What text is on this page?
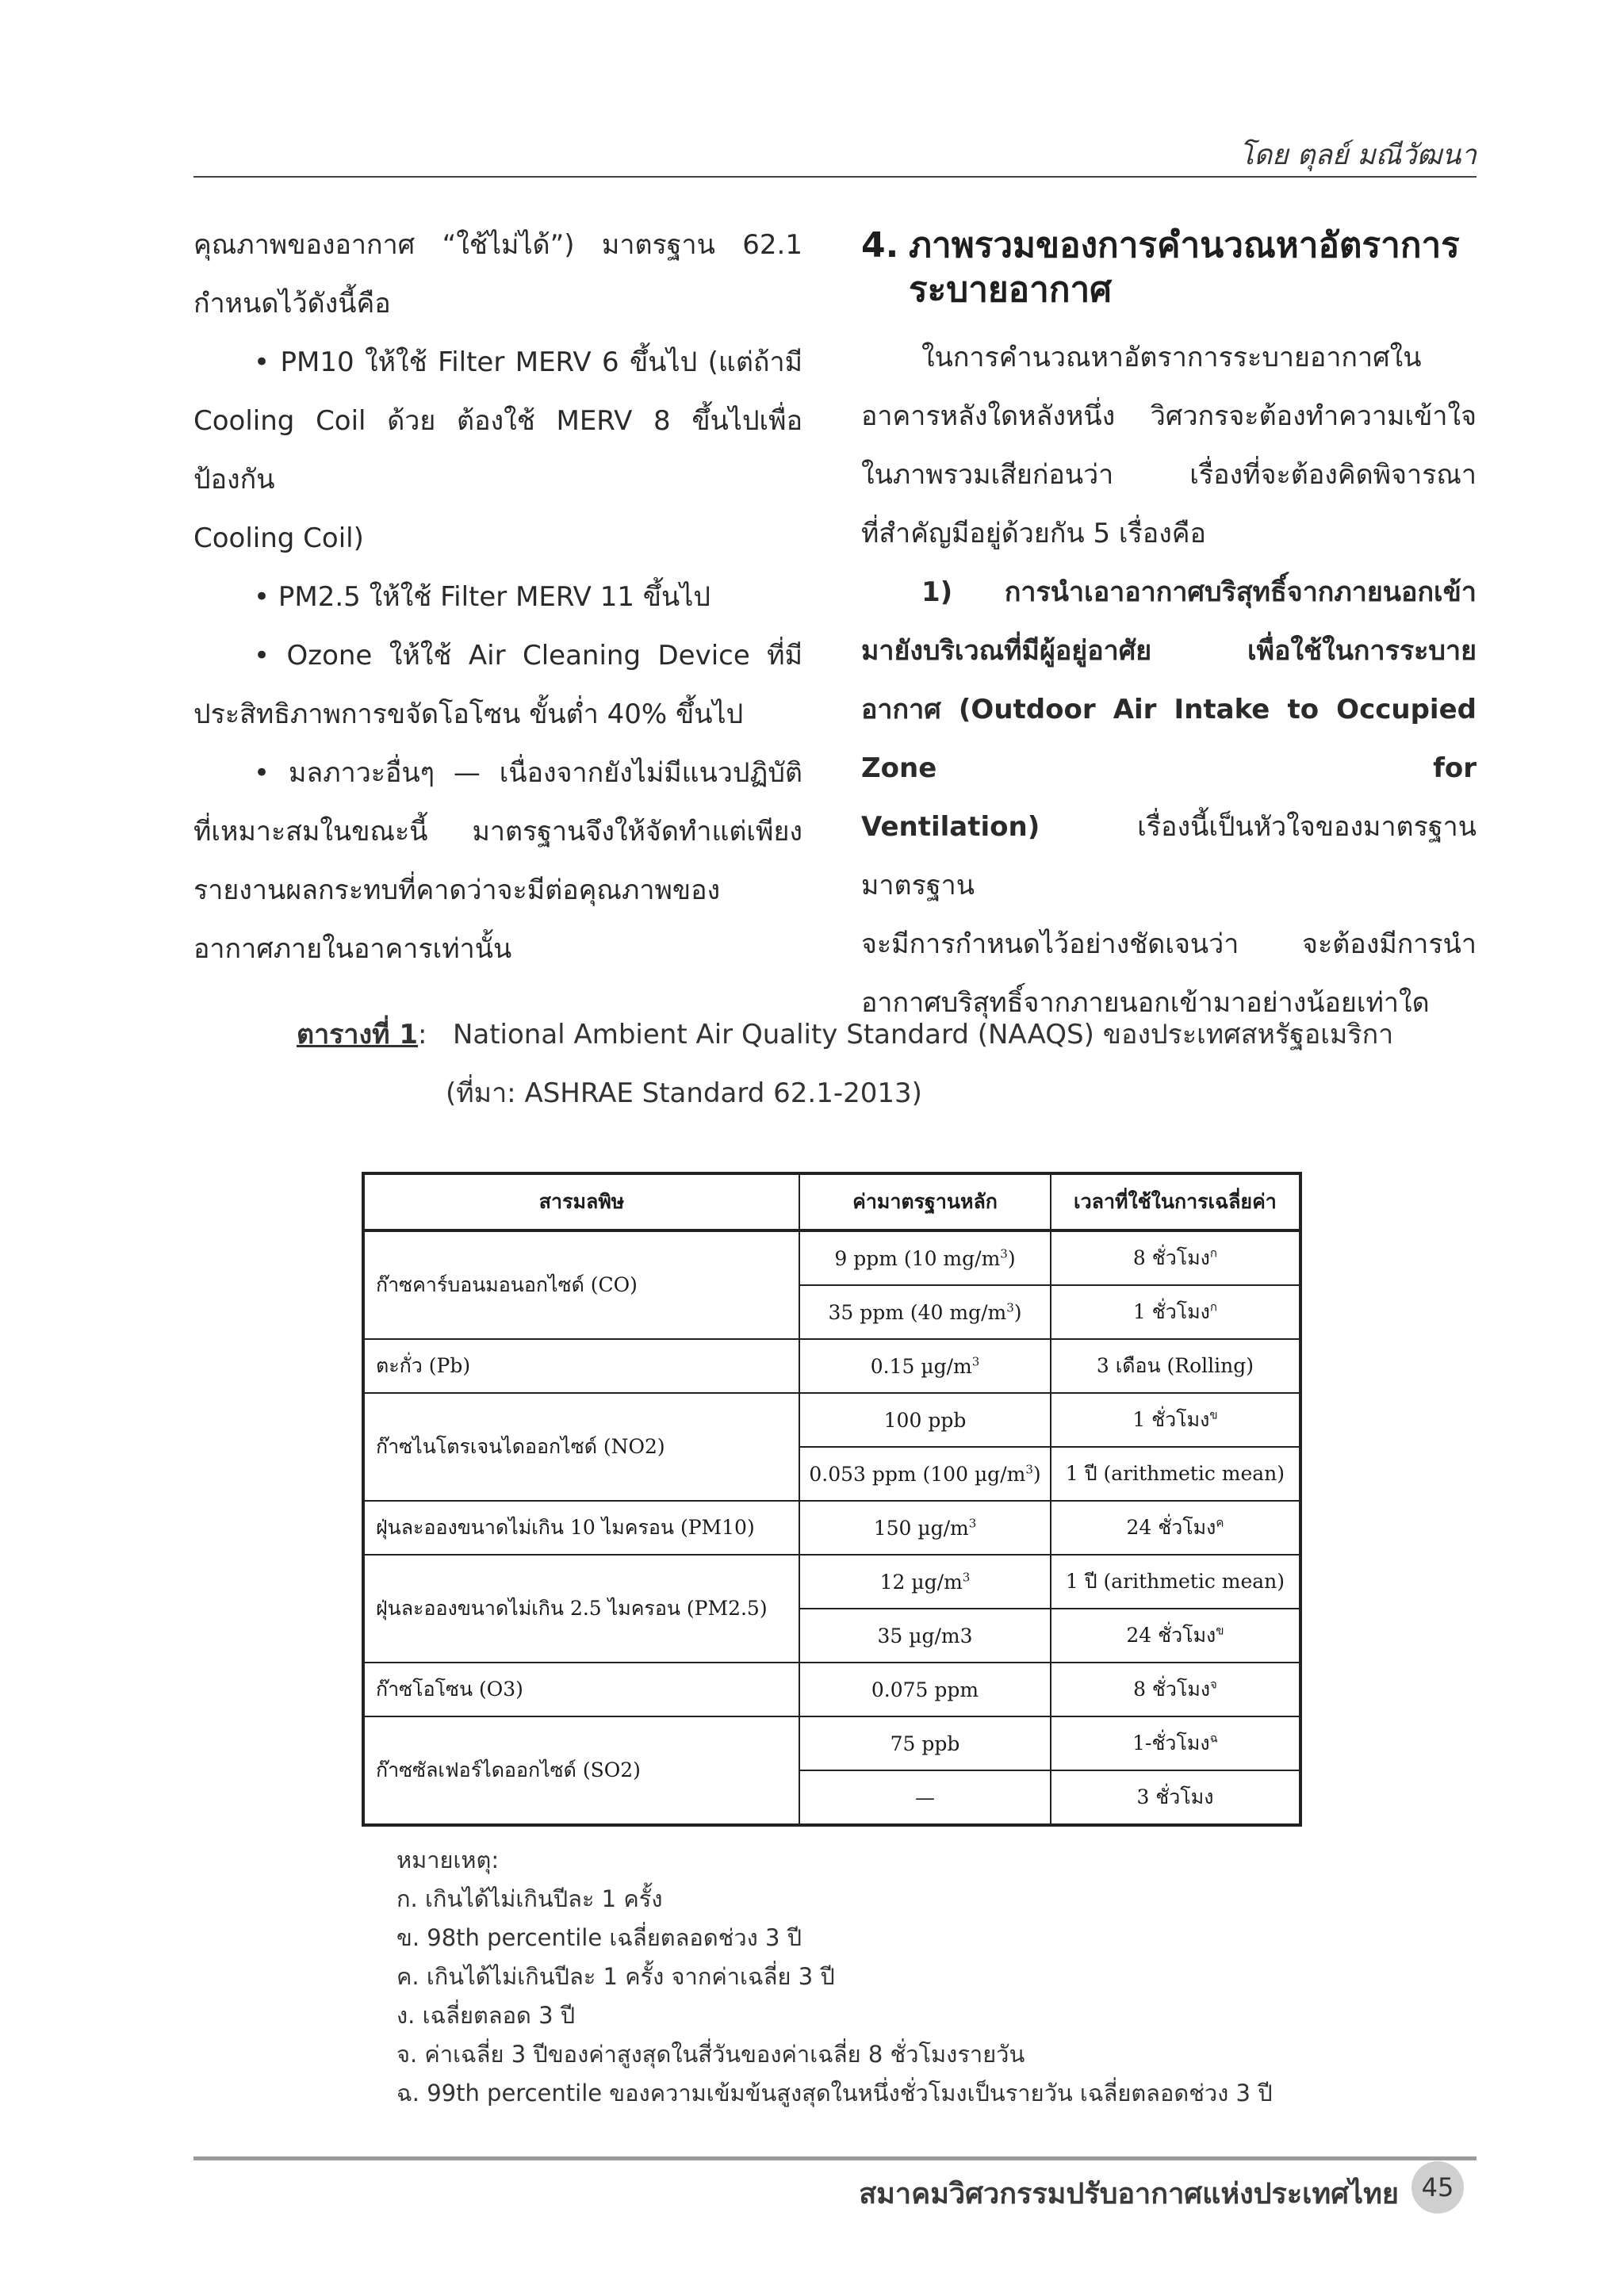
โดย ตุลย์ มณีวัฒนา

คุณภาพของอากาศ “ใช้ไม่ได้”) มาตรฐาน 62.1

กำหนดไว้ดังนี้คือ

• PM10 ให้ใช้ Filter MERV 6 ขึ้นไป (แต่ถ้ามี

Cooling Coil ด้วย ต้องใช้ MERV 8 ขึ้นไปเพื่อป้องกัน

Cooling Coil)

• PM2.5 ให้ใช้ Filter MERV 11 ขึ้นไป

• Ozone ให้ใช้ Air Cleaning Device ที่มี

ประสิทธิภาพการขจัดโอโซน ขั้นต่ำ 40% ขึ้นไป

• มลภาวะอื่นๆ — เนื่องจากยังไม่มีแนวปฏิบัติ

ที่เหมาะสมในขณะนี้ มาตรฐานจึงให้จัดทำแต่เพียง

รายงานผลกระทบที่คาดว่าจะมีต่อคุณภาพของ

อากาศภายในอาคารเท่านั้น

4. ภาพรวมของการคำนวณหาอัตราการ
ระบายอากาศ

ในการคำนวณหาอัตราการระบายอากาศใน

อาคารหลังใดหลังหนึ่ง วิศวกรจะต้องทำความเข้าใจ

ในภาพรวมเสียก่อนว่า เรื่องที่จะต้องคิดพิจารณา

ที่สำคัญมีอยู่ด้วยกัน 5 เรื่องคือ

1) การนำเอาอากาศบริสุทธิ์จากภายนอกเข้า

มายังบริเวณที่มีผู้อยู่อาศัย เพื่อใช้ในการระบาย

อากาศ (Outdoor Air Intake to Occupied Zone for

Ventilation) เรื่องนี้เป็นหัวใจของมาตรฐาน มาตรฐาน

จะมีการกำหนดไว้อย่างชัดเจนว่า จะต้องมีการนำ

อากาศบริสุทธิ์จากภายนอกเข้ามาอย่างน้อยเท่าใด

ตารางที่ 1: National Ambient Air Quality Standard (NAAQS) ของประเทศสหรัฐอเมริกา
(ที่มา: ASHRAE Standard 62.1-2013)
สารมลพิษ	ค่ามาตรฐานหลัก	เวลาที่ใช้ในการเฉลี่ยค่า
ก๊าซคาร์บอนมอนอกไซด์ (CO)	9 ppm (10 $mg/m^3$)	8 ชั่วโมง$^ก$
	35 ppm (40 $mg/m^3$)	1 ชั่วโมง$^ก$
ตะกั่ว (Pb)	0.15 $\mu g/m^3$	3 เดือน (Rolling)
ก๊าซไนโตรเจนไดออกไซด์ (NO2)	100 ppb	1 ชั่วโมง$^ข$
	0.053 ppm (100 $\mu g/m^3$)	1 ปี (arithmetic mean)
ฝุ่นละอองขนาดไม่เกิน 10 ไมครอน (PM10)	150 $\mu g/m^3$	24 ชั่วโมง$^ค$
ฝุ่นละอองขนาดไม่เกิน 2.5 ไมครอน (PM2.5)	12 $\mu g/m^3$	1 ปี (arithmetic mean)
	35 µg/m3	24 ชั่วโมง$^ข$
ก๊าซโอโซน (O3)	0.075 ppm	8 ชั่วโมง$^จ$
ก๊าซซัลเฟอร์ไดออกไซด์ (SO2)	75 ppb	1-ชั่วโมง$^ฉ$
	—	3 ชั่วโมง

หมายเหตุ:

ก. เกินได้ไม่เกินปีละ 1 ครั้ง

ข. 98th percentile เฉลี่ยตลอดช่วง 3 ปี

ค. เกินได้ไม่เกินปีละ 1 ครั้ง จากค่าเฉลี่ย 3 ปี

ง. เฉลี่ยตลอด 3 ปี

จ. ค่าเฉลี่ย 3 ปีของค่าสูงสุดในสี่วันของค่าเฉลี่ย 8 ชั่วโมงรายวัน

ฉ. 99th percentile ของความเข้มข้นสูงสุดในหนึ่งชั่วโมงเป็นรายวัน เฉลี่ยตลอดช่วง 3 ปี

สมาคมวิศวกรรมปรับอากาศแห่งประเทศไทย 45
